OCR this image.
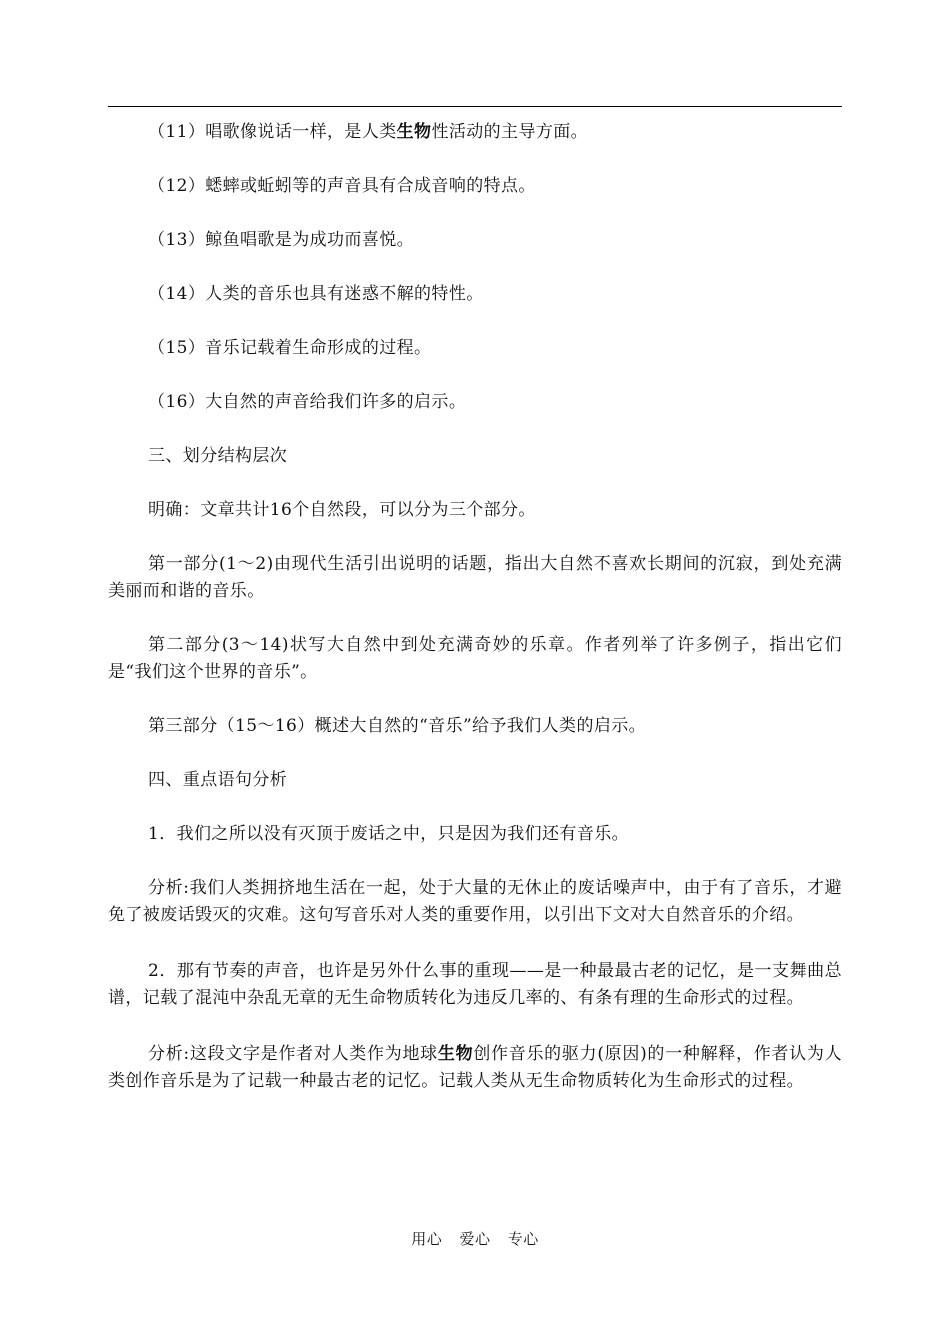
（11）唱歌像说话一样，是人类生物性活动的主导方面。

（12）蟋蟀或蚯蚓等的声音具有合成音响的特点。

（13）鲸鱼唱歌是为成功而喜悦。

（14）人类的音乐也具有迷惑不解的特性。

（15）音乐记载着生命形成的过程。

（16）大自然的声音给我们许多的启示。

三、划分结构层次

明确：文章共计16个自然段，可以分为三个部分。

第一部分(1～2)由现代生活引出说明的话题，指出大自然不喜欢长期间的沉寂，到处充满美丽而和谐的音乐。

第二部分(3～14)状写大自然中到处充满奇妙的乐章。作者列举了许多例子，指出它们是“我们这个世界的音乐”。

第三部分（15～16）概述大自然的“音乐”给予我们人类的启示。

四、重点语句分析

1．我们之所以没有灭顶于废话之中，只是因为我们还有音乐。

分析:我们人类拥挤地生活在一起，处于大量的无休止的废话噪声中，由于有了音乐，才避免了被废话毁灭的灾难。这句写音乐对人类的重要作用，以引出下文对大自然音乐的介绍。

2．那有节奏的声音，也许是另外什么事的重现——是一种最最古老的记忆，是一支舞曲总谱，记载了混沌中杂乱无章的无生命物质转化为违反几率的、有条有理的生命形式的过程。

分析:这段文字是作者对人类作为地球生物创作音乐的驱力(原因)的一种解释，作者认为人类创作音乐是为了记载一种最古老的记忆。记载人类从无生命物质转化为生命形式的过程。

用心 爱心 专心
